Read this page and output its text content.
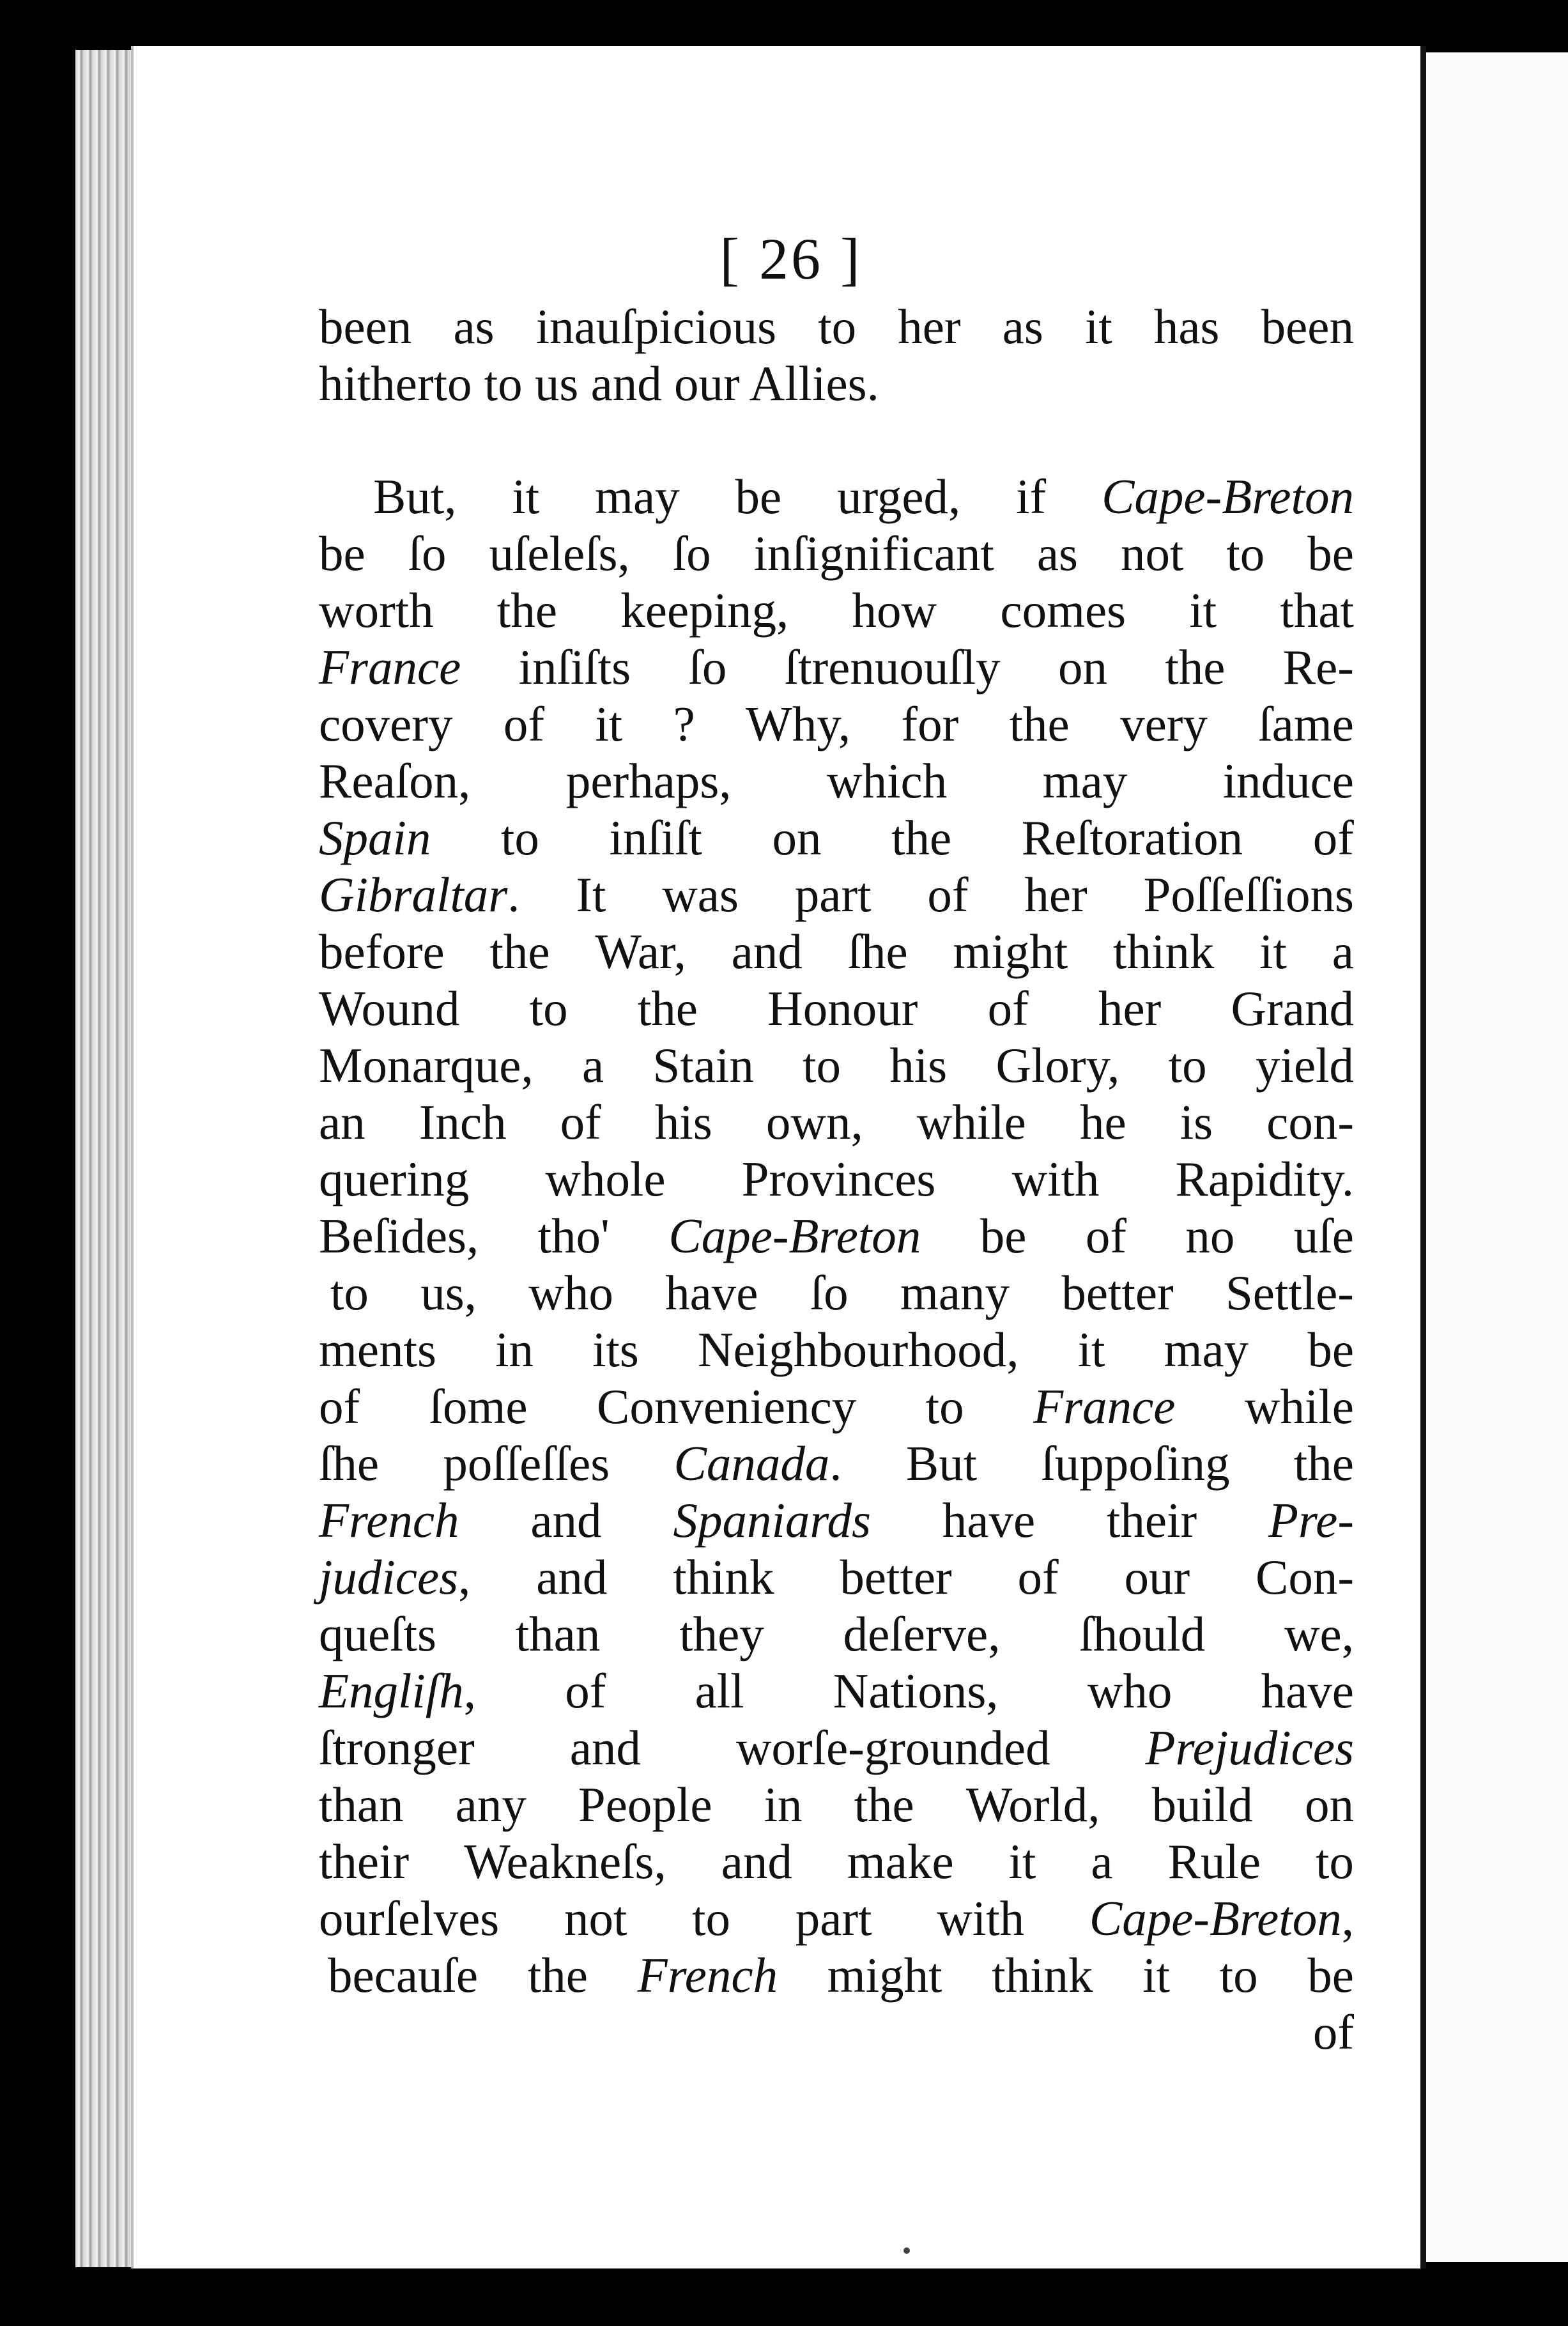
[ 26 ]
been as inauſpicious to her as it has been
hitherto to us and our Allies.
But, it may be urged, if Cape-Breton
be ſo uſeleſs, ſo inſignificant as not to be
worth the keeping, how comes it that
France inſiſts ſo ſtrenuouſly on the Re-
covery of it ? Why, for the very ſame
Reaſon, perhaps, which may induce
Spain to inſiſt on the Reſtoration of
Gibraltar. It was part of her Poſſeſſions
before the War, and ſhe might think it a
Wound to the Honour of her Grand
Monarque, a Stain to his Glory, to yield
an Inch of his own, while he is con-
quering whole Provinces with Rapidity.
Beſides, tho' Cape-Breton be of no uſe
to us, who have ſo many better Settle-
ments in its Neighbourhood, it may be
of ſome Conveniency to France while
ſhe poſſeſſes Canada. But ſuppoſing the
French and Spaniards have their Pre-
judices, and think better of our Con-
queſts than they deſerve, ſhould we,
Engliſh, of all Nations, who have
ſtronger and worſe-grounded Prejudices
than any People in the World, build on
their Weakneſs, and make it a Rule to
ourſelves not to part with Cape-Breton,
becauſe the French might think it to be
of
